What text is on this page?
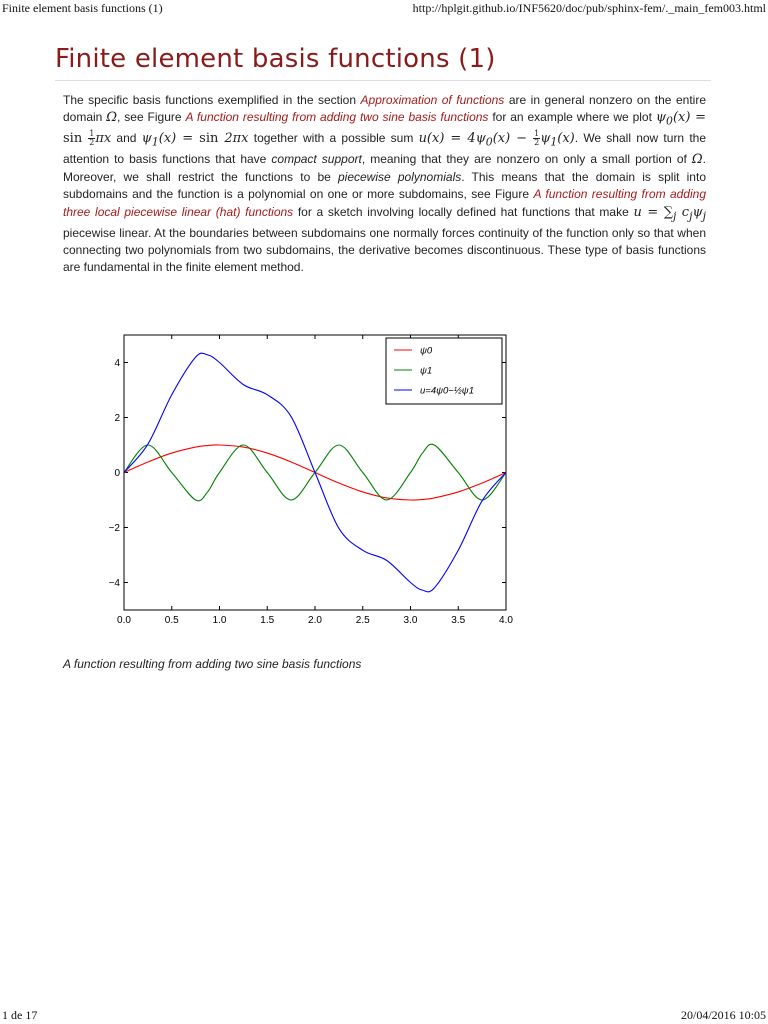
Finite element basis functions (1)	http://hplgit.github.io/INF5620/doc/pub/sphinx-fem/._main_fem003.html
Finite element basis functions (1)
The specific basis functions exemplified in the section Approximation of functions are in general nonzero on the entire domain Ω, see Figure A function resulting from adding two sine basis functions for an example where we plot $\psi_0(x) = \sin \frac{1}{2}$ πx and $\psi_1(x) = \sin 2\pi x$ together with a possible sum $u(x) = 4\psi_0(x) - \frac{1}{2} \psi_1(x)$. We shall now turn the attention to basis functions that have compact support, meaning that they are nonzero on only a small portion of Ω. Moreover, we shall restrict the functions to be piecewise polynomials. This means that the domain is split into subdomains and the function is a polynomial on one or more subdomains, see Figure A function resulting from adding three local piecewise linear (hat) functions for a sketch involving locally defined hat functions that make $u = \sum_j$ $c_j\psi_j$ piecewise linear. At the boundaries between subdomains one normally forces continuity of the function only so that when connecting two polynomials from two subdomains, the derivative becomes discontinuous. These type of basis functions are fundamental in the finite element method.
0.0	0.5	1.0	1.5	2.0	2.5	3.0	3.5	4.0
4
2
0
−2
−4
ψ0
ψ1
u=4ψ0−½ψ1
A function resulting from adding two sine basis functions
1 de 17	20/04/2016 10:05
